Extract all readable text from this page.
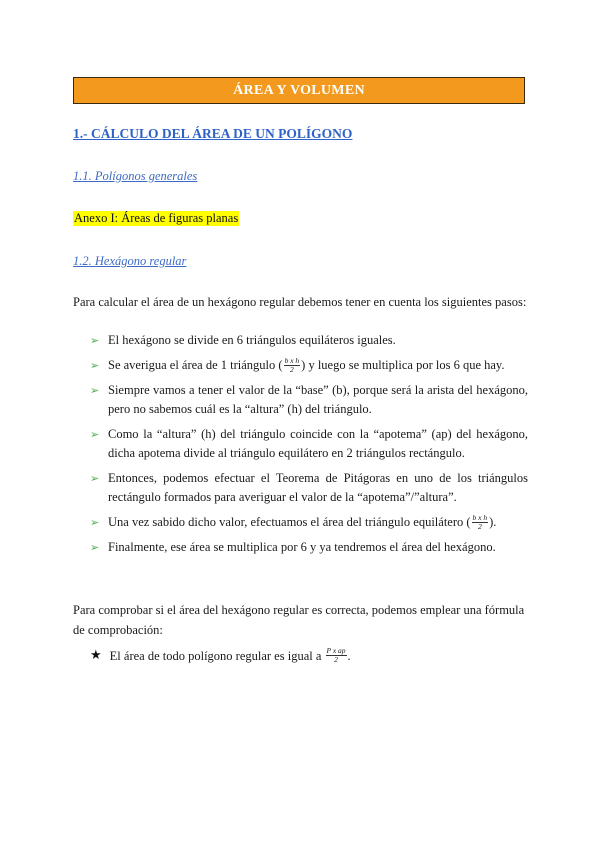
ÁREA Y VOLUMEN
1.- CÁLCULO DEL ÁREA DE UN POLÍGONO
1.1. Polígonos generales
Anexo I: Áreas de figuras planas
1.2. Hexágono regular
Para calcular el área de un hexágono regular debemos tener en cuenta los siguientes pasos:
➢ El hexágono se divide en 6 triángulos equiláteros iguales.
➢ Se averigua el área de 1 triángulo ( $\frac{\text{b x h}}{2}$ ) y luego se multiplica por los 6 que hay.
➢ Siempre vamos a tener el valor de la “base” (b), porque será la arista del hexágono, pero no sabemos cuál es la “altura” (h) del triángulo.
➢ Como la “altura” (h) del triángulo coincide con la “apotema” (ap) del hexágono, dicha apotema divide al triángulo equilátero en 2 triángulos rectángulo.
➢ Entonces, podemos efectuar el Teorema de Pitágoras en uno de los triángulos rectángulo formados para averiguar el valor de la “apotema”/”altura”.
➢ Una vez sabido dicho valor, efectuamos el área del triángulo equilátero ( $\frac{\text{b x h}}{2}$ ).
➢ Finalmente, ese área se multiplica por 6 y ya tendremos el área del hexágono.
Para comprobar si el área del hexágono regular es correcta, podemos emplear una fórmula de comprobación:
★ El área de todo polígono regular es igual a
$\frac{\text{P x ap}}{2}$ .
